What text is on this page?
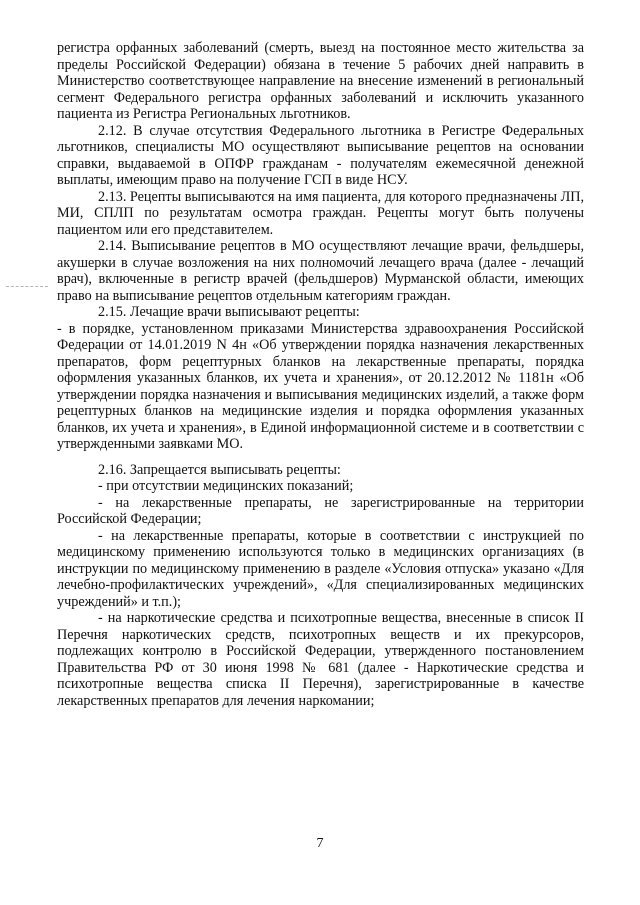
регистра орфанных заболеваний (смерть, выезд на постоянное место жительства за пределы Российской Федерации) обязана в течение 5 рабочих дней направить в Министерство соответствующее направление на внесение изменений в региональный сегмент Федерального регистра орфанных заболеваний и исключить указанного пациента из Регистра Региональных льготников.

2.12. В случае отсутствия Федерального льготника в Регистре Федеральных льготников, специалисты МО осуществляют выписывание рецептов на основании справки, выдаваемой в ОПФР гражданам - получателям ежемесячной денежной выплаты, имеющим право на получение ГСП в виде НСУ.

2.13. Рецепты выписываются на имя пациента, для которого предназначены ЛП, МИ, СПЛП по результатам осмотра граждан. Рецепты могут быть получены пациентом или его представителем.

2.14. Выписывание рецептов в МО осуществляют лечащие врачи, фельдшеры, акушерки в случае возложения на них полномочий лечащего врача (далее - лечащий врач), включенные в регистр врачей (фельдшеров) Мурманской области, имеющих право на выписывание рецептов отдельным категориям граждан.

2.15. Лечащие врачи выписывают рецепты:

- в порядке, установленном приказами Министерства здравоохранения Российской Федерации от 14.01.2019 N 4н «Об утверждении порядка назначения лекарственных препаратов, форм рецептурных бланков на лекарственные препараты, порядка оформления указанных бланков, их учета и хранения», от 20.12.2012 № 1181н «Об утверждении порядка назначения и выписывания медицинских изделий, а также форм рецептурных бланков на медицинские изделия и порядка оформления указанных бланков, их учета и хранения», в Единой информационной системе и в соответствии с утвержденными заявками МО.

2.16. Запрещается выписывать рецепты:

- при отсутствии медицинских показаний;

- на лекарственные препараты, не зарегистрированные на территории Российской Федерации;

- на лекарственные препараты, которые в соответствии с инструкцией по медицинскому применению используются только в медицинских организациях (в инструкции по медицинскому применению в разделе «Условия отпуска» указано «Для лечебно-профилактических учреждений», «Для специализированных медицинских учреждений» и т.п.);

- на наркотические средства и психотропные вещества, внесенные в список II Перечня наркотических средств, психотропных веществ и их прекурсоров, подлежащих контролю в Российской Федерации, утвержденного постановлением Правительства РФ от 30 июня 1998 № 681 (далее - Наркотические средства и психотропные вещества списка II Перечня), зарегистрированные в качестве лекарственных препаратов для лечения наркомании;

7
